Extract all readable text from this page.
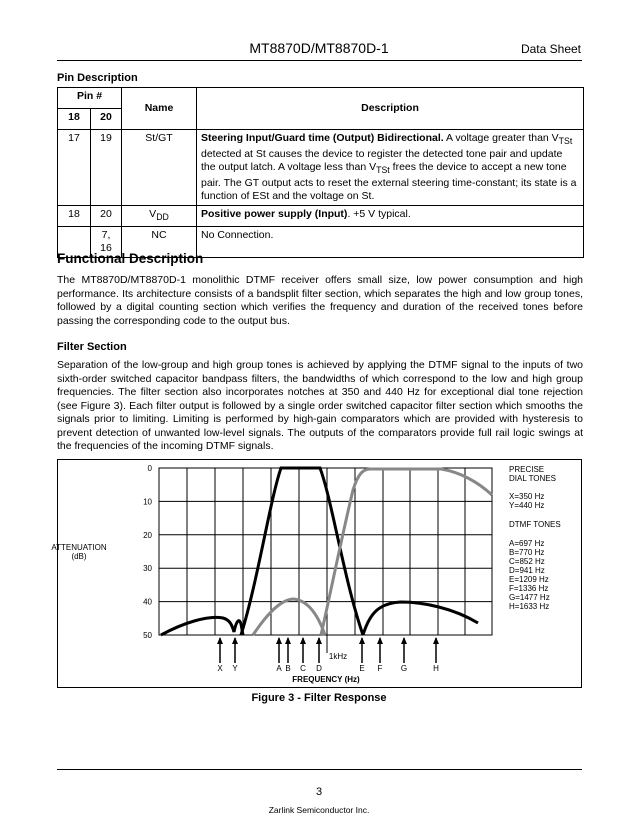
MT8870D/MT8870D-1	Data Sheet
Pin Description
Pin #		Name	Description
18	20		
17	19	St/GT	Steering Input/Guard time (Output) Bidirectional. A voltage greater than $V_{TSt}$ detected at St causes the device to register the detected tone pair and update the output latch. A voltage less than $V_{TSt}$ frees the device to accept a new tone pair. The GT output acts to reset the external steering time-constant; its state is a function of ESt and the voltage on St.
18	20	$V_{DD}$	Positive power supply (Input). +5 V typical.
	7, 16	NC	No Connection.
Functional Description
The MT8870D/MT8870D-1 monolithic DTMF receiver offers small size, low power consumption and high performance. Its architecture consists of a bandsplit filter section, which separates the high and low group tones, followed by a digital counting section which verifies the frequency and duration of the received tones before passing the corresponding code to the output bus.
Filter Section
Separation of the low-group and high group tones is achieved by applying the DTMF signal to the inputs of two sixth-order switched capacitor bandpass filters, the bandwidths of which correspond to the low and high group frequencies. The filter section also incorporates notches at 350 and 440 Hz for exceptional dial tone rejection (see Figure 3). Each filter output is followed by a single order switched capacitor filter section which smooths the signals prior to limiting. Limiting is performed by high-gain comparators which are provided with hysteresis to prevent detection of unwanted low-level signals. The outputs of the comparators provide full rail logic swings at the frequencies of the incoming DTMF signals.
0
10
20
30
40
50
X Y	A B C D	E F G	H
ATTENUATION
(dB)
FREQUENCY (Hz)
1kHz
PRECISE
DIAL TONES
X=350 Hz
Y=440 Hz
DTMF TONES
A=697 Hz
B=770 Hz
C=852 Hz
D=941 Hz
E=1209 Hz
F=1336 Hz
G=1477 Hz
H=1633 Hz
Figure 3 - Filter Response
3
Zarlink Semiconductor Inc.
